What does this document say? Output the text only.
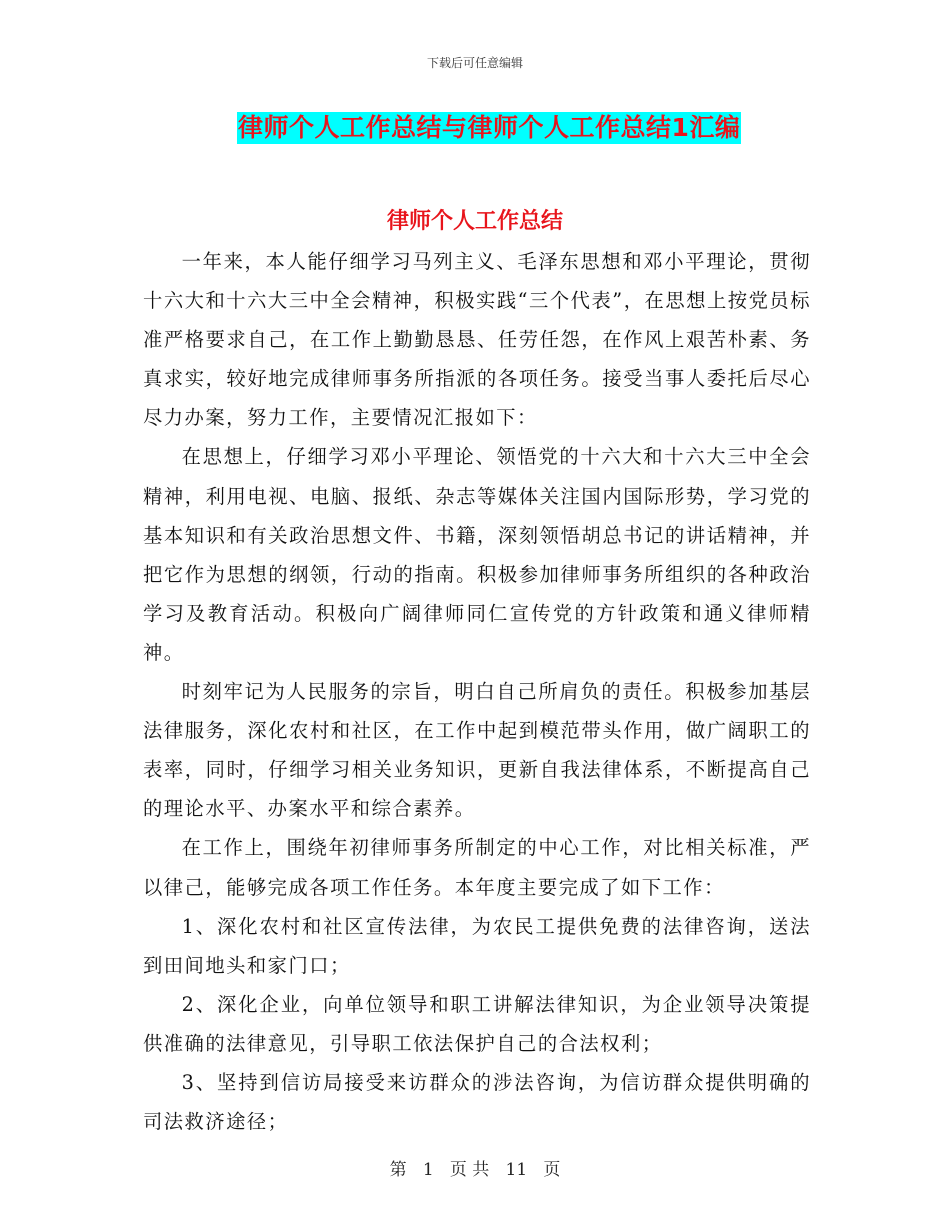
下载后可任意编辑
律师个人工作总结与律师个人工作总结1汇编
律师个人工作总结

一年来，本人能仔细学习马列主义、毛泽东思想和邓小平理论，贯彻十六大和十六大三中全会精神，积极实践“三个代表”，在思想上按党员标准严格要求自己，在工作上勤勤恳恳、任劳任怨，在作风上艰苦朴素、务真求实，较好地完成律师事务所指派的各项任务。接受当事人委托后尽心尽力办案，努力工作，主要情况汇报如下：

在思想上，仔细学习邓小平理论、领悟党的十六大和十六大三中全会精神，利用电视、电脑、报纸、杂志等媒体关注国内国际形势，学习党的基本知识和有关政治思想文件、书籍，深刻领悟胡总书记的讲话精神，并把它作为思想的纲领，行动的指南。积极参加律师事务所组织的各种政治学习及教育活动。积极向广阔律师同仁宣传党的方针政策和通义律师精神。

时刻牢记为人民服务的宗旨，明白自己所肩负的责任。积极参加基层法律服务，深化农村和社区，在工作中起到模范带头作用，做广阔职工的表率，同时，仔细学习相关业务知识，更新自我法律体系，不断提高自己的理论水平、办案水平和综合素养。

在工作上，围绕年初律师事务所制定的中心工作，对比相关标准，严以律己，能够完成各项工作任务。本年度主要完成了如下工作：

1、深化农村和社区宣传法律，为农民工提供免费的法律咨询，送法到田间地头和家门口；

2、深化企业，向单位领导和职工讲解法律知识，为企业领导决策提供准确的法律意见，引导职工依法保护自己的合法权利；

3、坚持到信访局接受来访群众的涉法咨询，为信访群众提供明确的司法救济途径；

第 1 页 共 11 页
